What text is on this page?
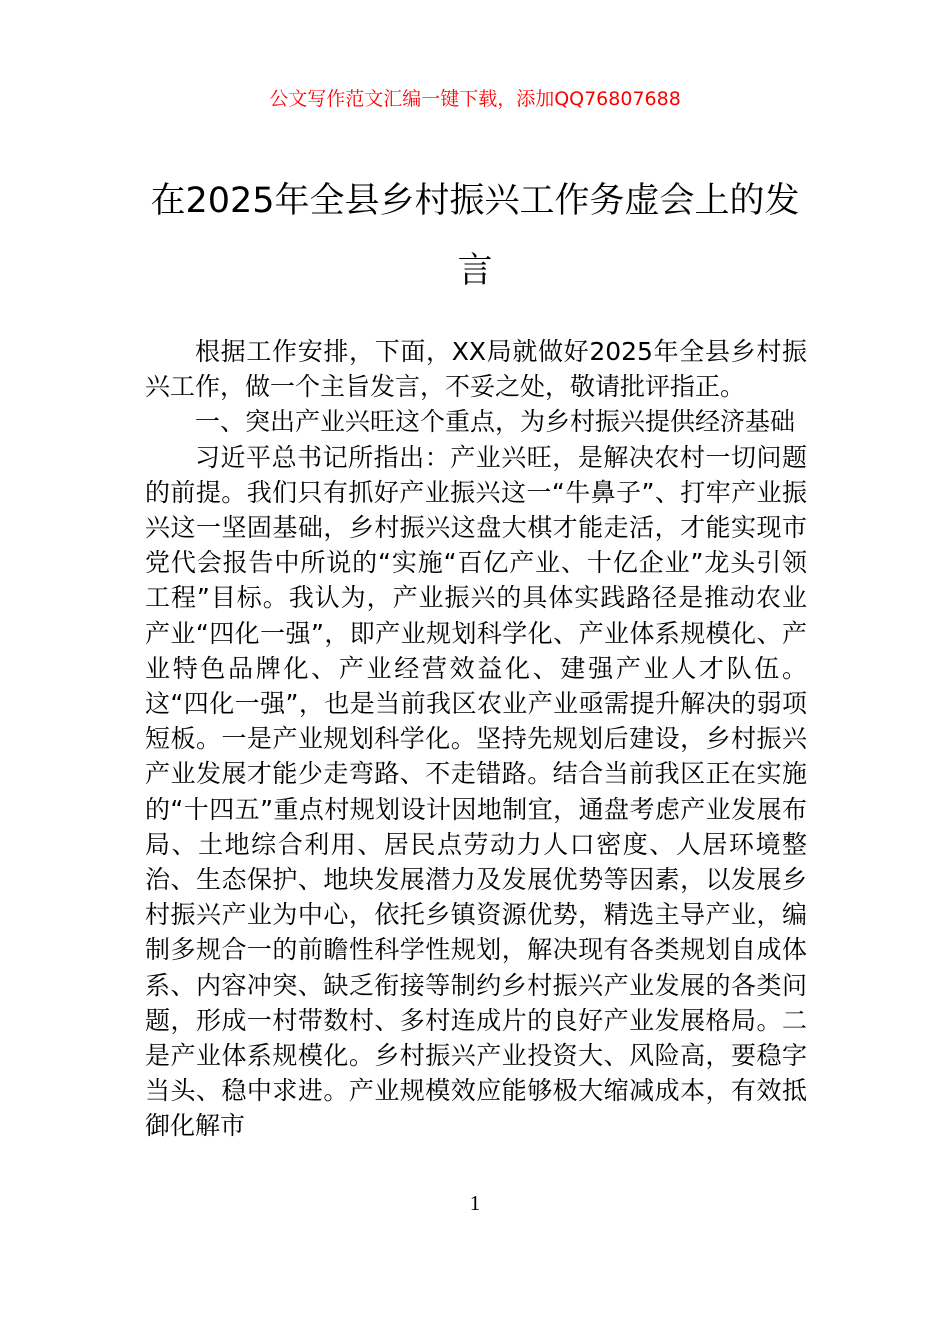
公文写作范文汇编一键下载，添加QQ76807688
在2025年全县乡村振兴工作务虚会上的发言

根据工作安排，下面，XX局就做好2025年全县乡村振兴工作，做一个主旨发言，不妥之处，敬请批评指正。

一、突出产业兴旺这个重点，为乡村振兴提供经济基础

习近平总书记所指出：产业兴旺，是解决农村一切问题的前提。我们只有抓好产业振兴这一“牛鼻子”、打牢产业振兴这一坚固基础，乡村振兴这盘大棋才能走活，才能实现市党代会报告中所说的“实施“百亿产业、十亿企业”龙头引领工程”目标。我认为，产业振兴的具体实践路径是推动农业产业“四化一强”，即产业规划科学化、产业体系规模化、产业特色品牌化、产业经营效益化、建强产业人才队伍。这“四化一强”，也是当前我区农业产业亟需提升解决的弱项短板。一是产业规划科学化。坚持先规划后建设，乡村振兴产业发展才能少走弯路、不走错路。结合当前我区正在实施的“十四五”重点村规划设计因地制宜，通盘考虑产业发展布局、土地综合利用、居民点劳动力人口密度、人居环境整治、生态保护、地块发展潜力及发展优势等因素，以发展乡村振兴产业为中心，依托乡镇资源优势，精选主导产业，编制多规合一的前瞻性科学性规划，解决现有各类规划自成体系、内容冲突、缺乏衔接等制约乡村振兴产业发展的各类问题，形成一村带数村、多村连成片的良好产业发展格局。二是产业体系规模化。乡村振兴产业投资大、风险高，要稳字当头、稳中求进。产业规模效应能够极大缩减成本，有效抵御化解市

1
